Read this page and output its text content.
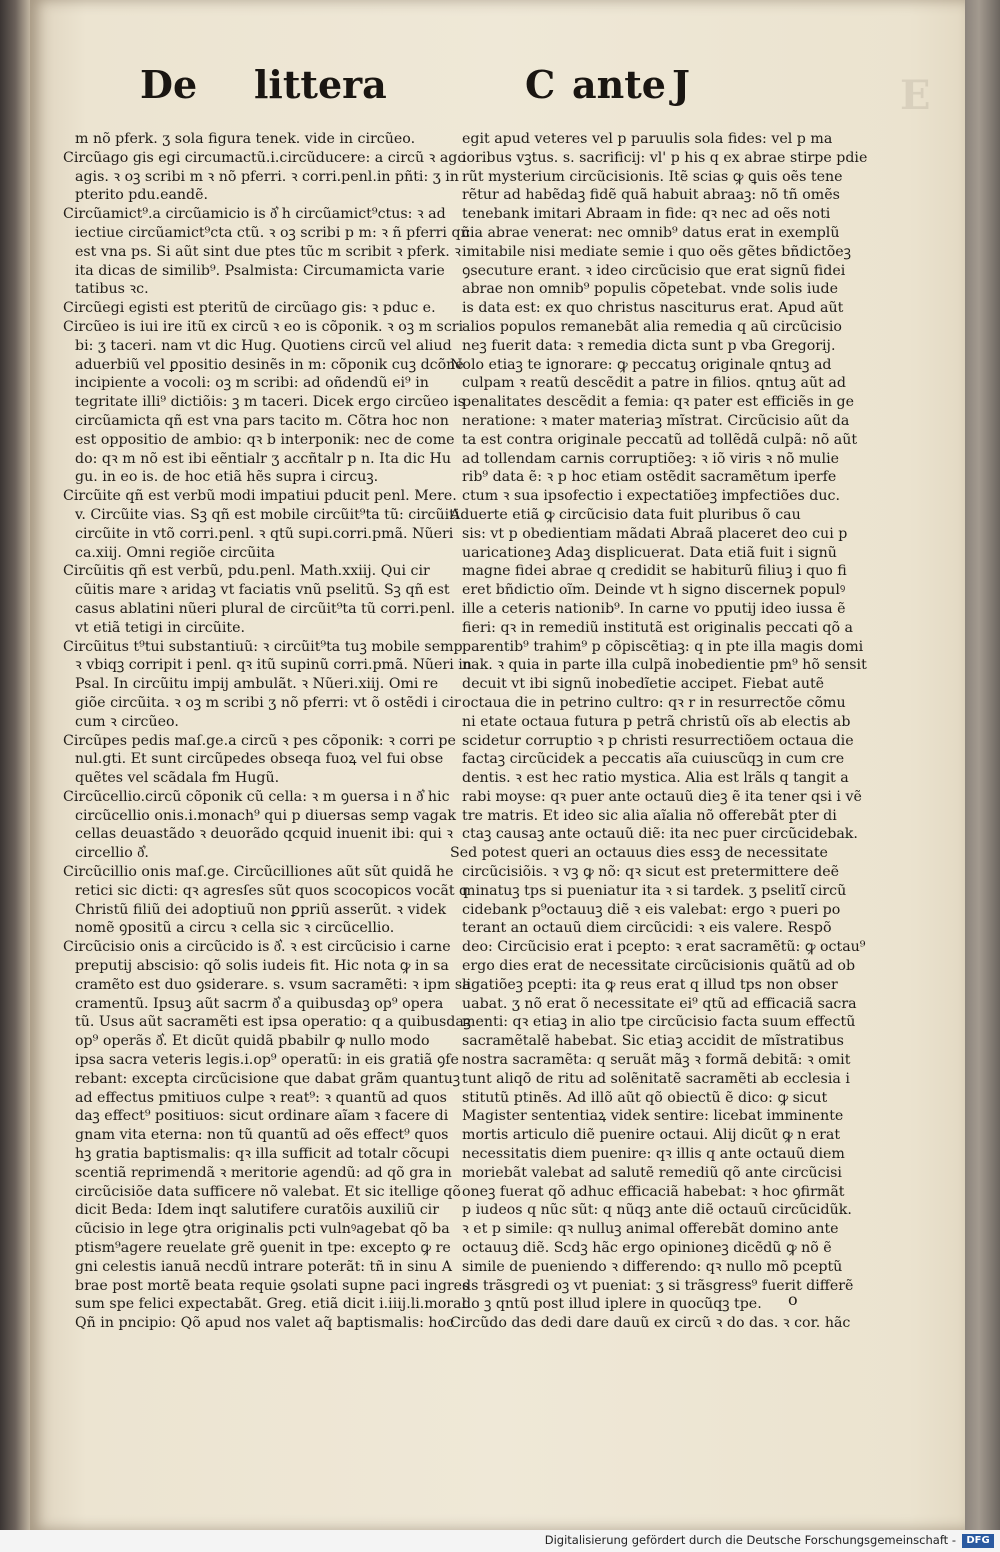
E
De littera	C ante J
m nõ pferk. ʒ sola figura tenek. vide in circũeo.
Circũago gis egi circumactũ.i.circũducere: a circũ ꝛ ago
agis. ꝛ oꝫ scribi m ꝛ nõ pferri. ꝛ corri.penl.in pñti: ʒ in
pterito pdu.eandẽ.
Circũamict⁹.a circũamicio is ð͛ h circũamict⁹ctus: ꝛ ad
iectiue circũamict⁹cta ctũ. ꝛ oꝫ scribi p m: ꝛ ñ pferri qñ
est vna ps. Si aũt sint due ptes tũc m scribit ꝛ pferk. ꝛ
ita dicas de similib⁹. Psalmista: Circumamicta varie
tatibus ꝛc.
Circũegi egisti est pteritũ de circũago gis: ꝛ pduc e.
Circũeo is iui ire itũ ex circũ ꝛ eo is cõponik. ꝛ oꝫ m scri
bi: ʒ taceri. nam vt dic Hug. Quotiens circũ vel aliud
aduerbiũ vel ꝑpositio desinẽs in m: cõponik cuꝫ dcõne
incipiente a vocoli: oꝫ m scribi: ad oñdendũ ei⁹ in
tegritate illi⁹ dictiõis: ꝫ m taceri. Dicek ergo circũeo is
circũamicta qñ est vna pars tacito m. Cõtra hoc non
est oppositio de ambio: qꝛ b interponik: nec de come
do: qꝛ m nõ est ibi eẽntialr ʒ accñtalr p n. Ita dic Hu
gu. in eo is. de hoc etiã hẽs supra i circuꝫ.
Circũite qñ est verbũ modi impatiui pducit penl. Mere.
v. Circũite vias. Sꝫ qñ est mobile circũit⁹ta tũ: circũiti
circũite in vtõ corri.penl. ꝛ qtũ supi.corri.pmã. Nũeri
ca.xiij. Omni regiõe circũita
Circũitis qñ est verbũ, pdu.penl. Math.xxiij. Qui cir
cũitis mare ꝛ aridaꝫ vt faciatis vnũ pselitũ. Sꝫ qñ est
casus ablatini nũeri plural de circũit⁹ta tũ corri.penl.
vt etiã tetigi in circũite.
Circũitus t⁹tui substantiuũ: ꝛ circũit⁹ta tuꝫ mobile semp
ꝛ vbiqꝫ corripit i penl. qꝛ itũ supinũ corri.pmã. Nũeri in
Psal. In circũitu impij ambulãt. ꝛ Nũeri.xiij. Omi re
giõe circũita. ꝛ oꝫ m scribi ʒ nõ pferri: vt õ ostẽdi i cir
cum ꝛ circũeo.
Circũpes pedis maſ.ge.a circũ ꝛ pes cõponik: ꝛ corri pe
nul.gti. Et sunt circũpedes obseqa fuoꝝ vel fui obse
quẽtes vel scãdala fm Hugũ.
Circũcellio.circũ cõponik cũ cella: ꝛ m ꝯuersa i n ð͛ hic
circũcellio onis.i.monach⁹ qui p diuersas semp vagak
cellas deuastãdo ꝛ deuorãdo qcquid inuenit ibi: qui ꝛ
circellio ð͛.
Circũcillio onis maſ.ge. Circũcilliones aũt sũt quidã he
retici sic dicti: qꝛ agresſes sũt quos scocopicos vocãt q
Christũ filiũ dei adoptiuũ non ꝑpriũ asserũt. ꝛ videk
nomẽ ꝯpositũ a circu ꝛ cella sic ꝛ circũcellio.
Circũcisio onis a circũcido is ð͛. ꝛ est circũcisio i carne
preputij abscisio: qõ solis iudeis fit. Hic nota ꝙ in sa
cramẽto est duo ꝯsiderare. s. vsum sacramẽti: ꝛ ipm sa
cramentũ. Ipsuꝫ aũt sacrm ð͛ a quibusdaꝫ op⁹ opera
tũ. Usus aũt sacramẽti est ipsa operatio: q a quibusdaꝫ
op⁹ operãs ð͛. Et dicũt quidã pbabilr ꝙ nullo modo
ipsa sacra veteris legis.i.op⁹ operatũ: in eis gratiã ꝯfe
rebant: excepta circũcisione que dabat grãm quantuꝫ
ad effectus pmitiuos culpe ꝛ reat⁹: ꝛ quantũ ad quos
daꝫ effect⁹ positiuos: sicut ordinare aĩam ꝛ facere di
gnam vita eterna: non tũ quantũ ad oẽs effect⁹ quos
hꝫ gratia baptismalis: qꝛ illa sufficit ad totalr cõcupi
scentiã reprimendã ꝛ meritorie agendũ: ad qõ gra in
circũcisiõe data sufficere nõ valebat. Et sic itellige qõ
dicit Beda: Idem inqt salutifere curatõis auxiliũ cir
cũcisio in lege ꝯtra originalis pcti vulnꝰagebat qõ ba
ptism⁹agere reuelate grẽ ꝯuenit in tpe: excepto ꝙ re
gni celestis ianuã necdũ intrare poterãt: tñ in sinu A
brae post mortẽ beata requie ꝯsolati supne paci ingres
sum spe felici expectabãt. Greg. etiã dicit i.iiij.li.moral.
Qñ in pncipio: Qõ apud nos valet aq̃ baptismalis: hoc
egit apud veteres vel p paruulis sola fides: vel p ma
ioribus vꝫtus. s. sacrificij: vl' p his q ex abrae stirpe pdie
rũt mysterium circũcisionis. Itẽ scias ꝙ ꝗuis oẽs tene
rẽtur ad habẽdaꝫ fidẽ quã habuit abraaꝫ: nõ tñ omẽs
tenebank imitari Abraam in fide: qꝛ nec ad oẽs noti
cia abrae venerat: nec omnib⁹ datus erat in exemplũ
imitabile nisi mediate semie i quo oẽs gẽtes bñdictõeꝫ
ꝯsecuture erant. ꝛ ideo circũcisio que erat signũ fidei
abrae non omnib⁹ populis cõpetebat. vnde solis iude
is data est: ex quo christus nasciturus erat. Apud aũt
alios populos remanebãt alia remedia q aũ circũcisio
neꝫ fuerit data: ꝛ remedia dicta sunt p vba Gregorij.
Nolo etiaꝫ te ignorare: ꝙ peccatuꝫ originale qntuꝫ ad
culpam ꝛ reatũ descẽdit a patre in filios. qntuꝫ aũt ad
penalitates descẽdit a femia: qꝛ pater est efficiẽs in ge
neratione: ꝛ mater materiaꝫ mĩstrat. Circũcisio aũt da
ta est contra originale peccatũ ad tollẽdã culpã: nõ aũt
ad tollendam carnis corruptiõeꝫ: ꝛ iõ viris ꝛ nõ mulie
rib⁹ data ẽ: ꝛ p hoc etiam ostẽdit sacramẽtum iperfe
ctum ꝛ sua ipsofectio i expectatiõeꝫ impfectiões duc.
Aduerte etiã ꝙ circũcisio data fuit pluribus õ cau
sis: vt p obedientiam mãdati Abraã placeret deo cui p
uaricationeꝫ Adaꝫ displicuerat. Data etiã fuit i signũ
magne fidei abrae q credidit se habiturũ filiuꝫ i quo fi
eret bñdictio oĩm. Deinde vt h signo discernek populꝰ
ille a ceteris nationib⁹. In carne vo pputij ideo iussa ẽ
fieri: qꝛ in remediũ institutã est originalis peccati qõ a
parentib⁹ trahim⁹ p cõpiscẽtiaꝫ: q in pte illa magis domi
nak. ꝛ quia in parte illa culpã inobedientie pm⁹ hõ sensit
decuit vt ibi signũ inobedĩetie accipet. Fiebat autẽ
octaua die in petrino cultro: qꝛ r in resurrectõe cõmu
ni etate octaua futura p petrã christũ oĩs ab electis ab
scidetur corruptio ꝛ p christi resurrectiõem octaua die
factaꝫ circũcidek a peccatis aĩa cuiuscũqꝫ in cum cre
dentis. ꝛ est hec ratio mystica. Alia est lrãls q tangit a
rabi moyse: qꝛ puer ante octauũ dieꝫ ẽ ita tener qsi i vẽ
tre matris. Et ideo sic alia aĩalia nõ offerebãt pter di
ctaꝫ causaꝫ ante octauũ diẽ: ita nec puer circũcidebak.
Sed potest queri an octauus dies essꝫ de necessitate
circũcisiõis. ꝛ vꝫ ꝙ nõ: qꝛ sicut est pretermittere deẽ
minatuꝫ tps si pueniatur ita ꝛ si tardek. ʒ pselitĩ circũ
cidebank p⁹octauuꝫ diẽ ꝛ eis valebat: ergo ꝛ pueri po
terant an octauũ diem circũcidi: ꝛ eis valere. Respõ
deo: Circũcisio erat i pcepto: ꝛ erat sacramẽtũ: ꝙ octau⁹
ergo dies erat de necessitate circũcisionis quãtũ ad ob
ligatiõeꝫ pcepti: ita ꝙ reus erat q illud tps non obser
uabat. ʒ nõ erat õ necessitate ei⁹ qtũ ad efficaciã sacra
menti: qꝛ etiaꝫ in alio tpe circũcisio facta suum effectũ
sacramẽtalẽ habebat. Sic etiaꝫ accidit de mĩstratibus
nostra sacramẽta: q seruãt mãꝫ ꝛ formã debitã: ꝛ omit
tunt aliqõ de ritu ad solẽnitatẽ sacramẽti ab ecclesia i
stitutũ ptinẽs. Ad illõ aũt qõ obiectũ ẽ dico: ꝙ sicut
Magister sententiaꝝ videk sentire: licebat imminente
mortis articulo diẽ puenire octaui. Alij dicũt ꝙ n erat
necessitatis diem puenire: qꝛ illis q ante octauũ diem
moriebãt valebat ad salutẽ remediũ qõ ante circũcisi
oneꝫ fuerat qõ adhuc efficaciã habebat: ꝛ hoc ꝯfirmãt
p iudeos q nũc sũt: q nũqꝫ ante diẽ octauũ circũcidũk.
ꝛ et p simile: qꝛ nulluꝫ animal offerebãt domino ante
octauuꝫ diẽ. Scdꝫ hãc ergo opinioneꝫ dicẽdũ ꝙ nõ ẽ
simile de pueniendo ꝛ differendo: qꝛ nullo mõ pceptũ
ds trãsgredi oꝫ vt pueniat: ʒ si trãsgress⁹ fuerit differẽ
do ꝫ qntũ post illud iplere in quocũqꝫ tpe.
Circũdo das dedi dare dauũ ex circũ ꝛ do das. ꝛ cor. hãc
o
Digitalisierung gefördert durch die Deutsche Forschungsgemeinschaft -	DFG
